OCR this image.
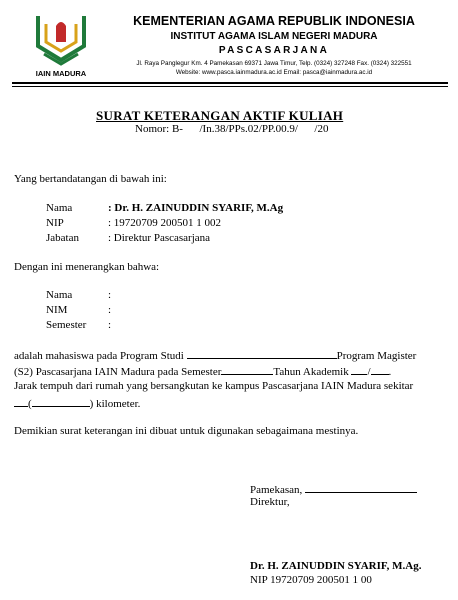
IAIN MADURA
KEMENTERIAN AGAMA REPUBLIK INDONESIA
INSTITUT AGAMA ISLAM NEGERI MADURA
PASCASARJANA
Jl. Raya Panglegur Km. 4 Pamekasan 69371 Jawa Timur, Telp. (0324) 327248 Fax. (0324) 322551
Website: www.pasca.iainmadura.ac.id Email: pasca@iainmadura.ac.id
SURAT KETERANGAN AKTIF KULIAH
Nomor: B-      /In.38/PPs.02/PP.00.9/      /20
Yang bertandatangan di bawah ini:
Nama	: Dr. H. ZAINUDDIN SYARIF, M.Ag
NIP	: 19720709 200501 1 002
Jabatan	: Direktur Pascasarjana
Dengan ini menerangkan bahwa:
Nama	:
NIM	:
Semester :
adalah mahasiswa pada Program Studi	Program Magister
(S2) Pascasarjana IAIN Madura pada Semester	Tahun Akademik / .
Jarak tempuh dari rumah yang bersangkutan ke kampus Pascasarjana IAIN Madura sekitar
(	) kilometer.
Demikian surat keterangan ini dibuat untuk digunakan sebagaimana mestinya.
Pamekasan,
Direktur,
Dr. H. ZAINUDDIN SYARIF, M.Ag.
NIP 19720709 200501 1 00
